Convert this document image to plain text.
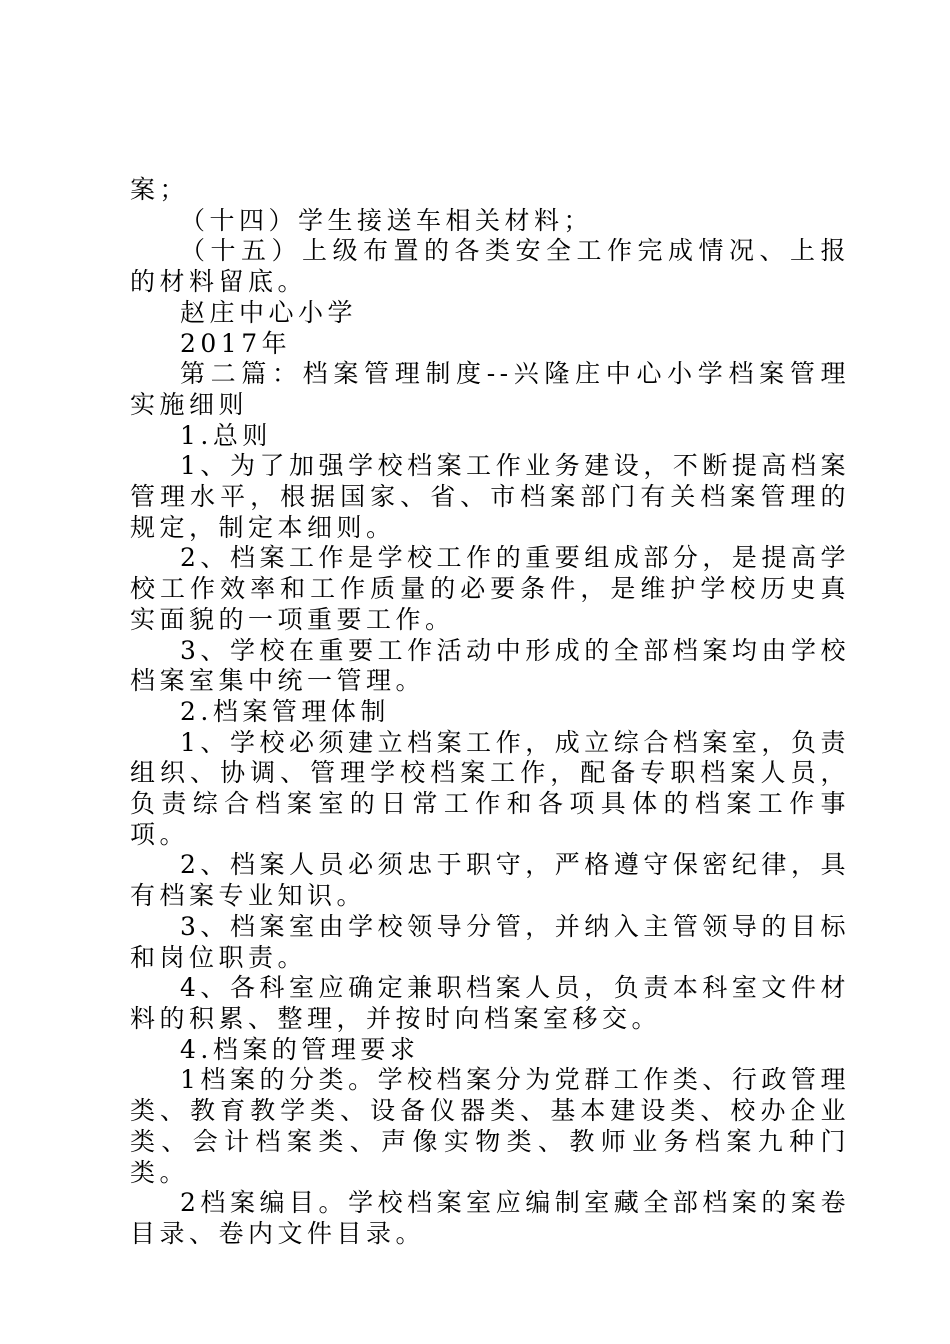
案；

（十四）学生接送车相关材料；

（十五）上级布置的各类安全工作完成情况、上报的材料留底。

赵庄中心小学

2017年

第二篇：档案管理制度--兴隆庄中心小学档案管理实施细则

1.总则

1、为了加强学校档案工作业务建设，不断提高档案管理水平，根据国家、省、市档案部门有关档案管理的规定，制定本细则。

2、档案工作是学校工作的重要组成部分，是提高学校工作效率和工作质量的必要条件，是维护学校历史真实面貌的一项重要工作。

3、学校在重要工作活动中形成的全部档案均由学校档案室集中统一管理。

2.档案管理体制

1、学校必须建立档案工作，成立综合档案室，负责组织、协调、管理学校档案工作，配备专职档案人员，负责综合档案室的日常工作和各项具体的档案工作事项。

2、档案人员必须忠于职守，严格遵守保密纪律，具有档案专业知识。

3、档案室由学校领导分管，并纳入主管领导的目标和岗位职责。

4、各科室应确定兼职档案人员，负责本科室文件材料的积累、整理，并按时向档案室移交。

4.档案的管理要求

1档案的分类。学校档案分为党群工作类、行政管理类、教育教学类、设备仪器类、基本建设类、校办企业类、会计档案类、声像实物类、教师业务档案九种门类。

2档案编目。学校档案室应编制室藏全部档案的案卷目录、卷内文件目录。
